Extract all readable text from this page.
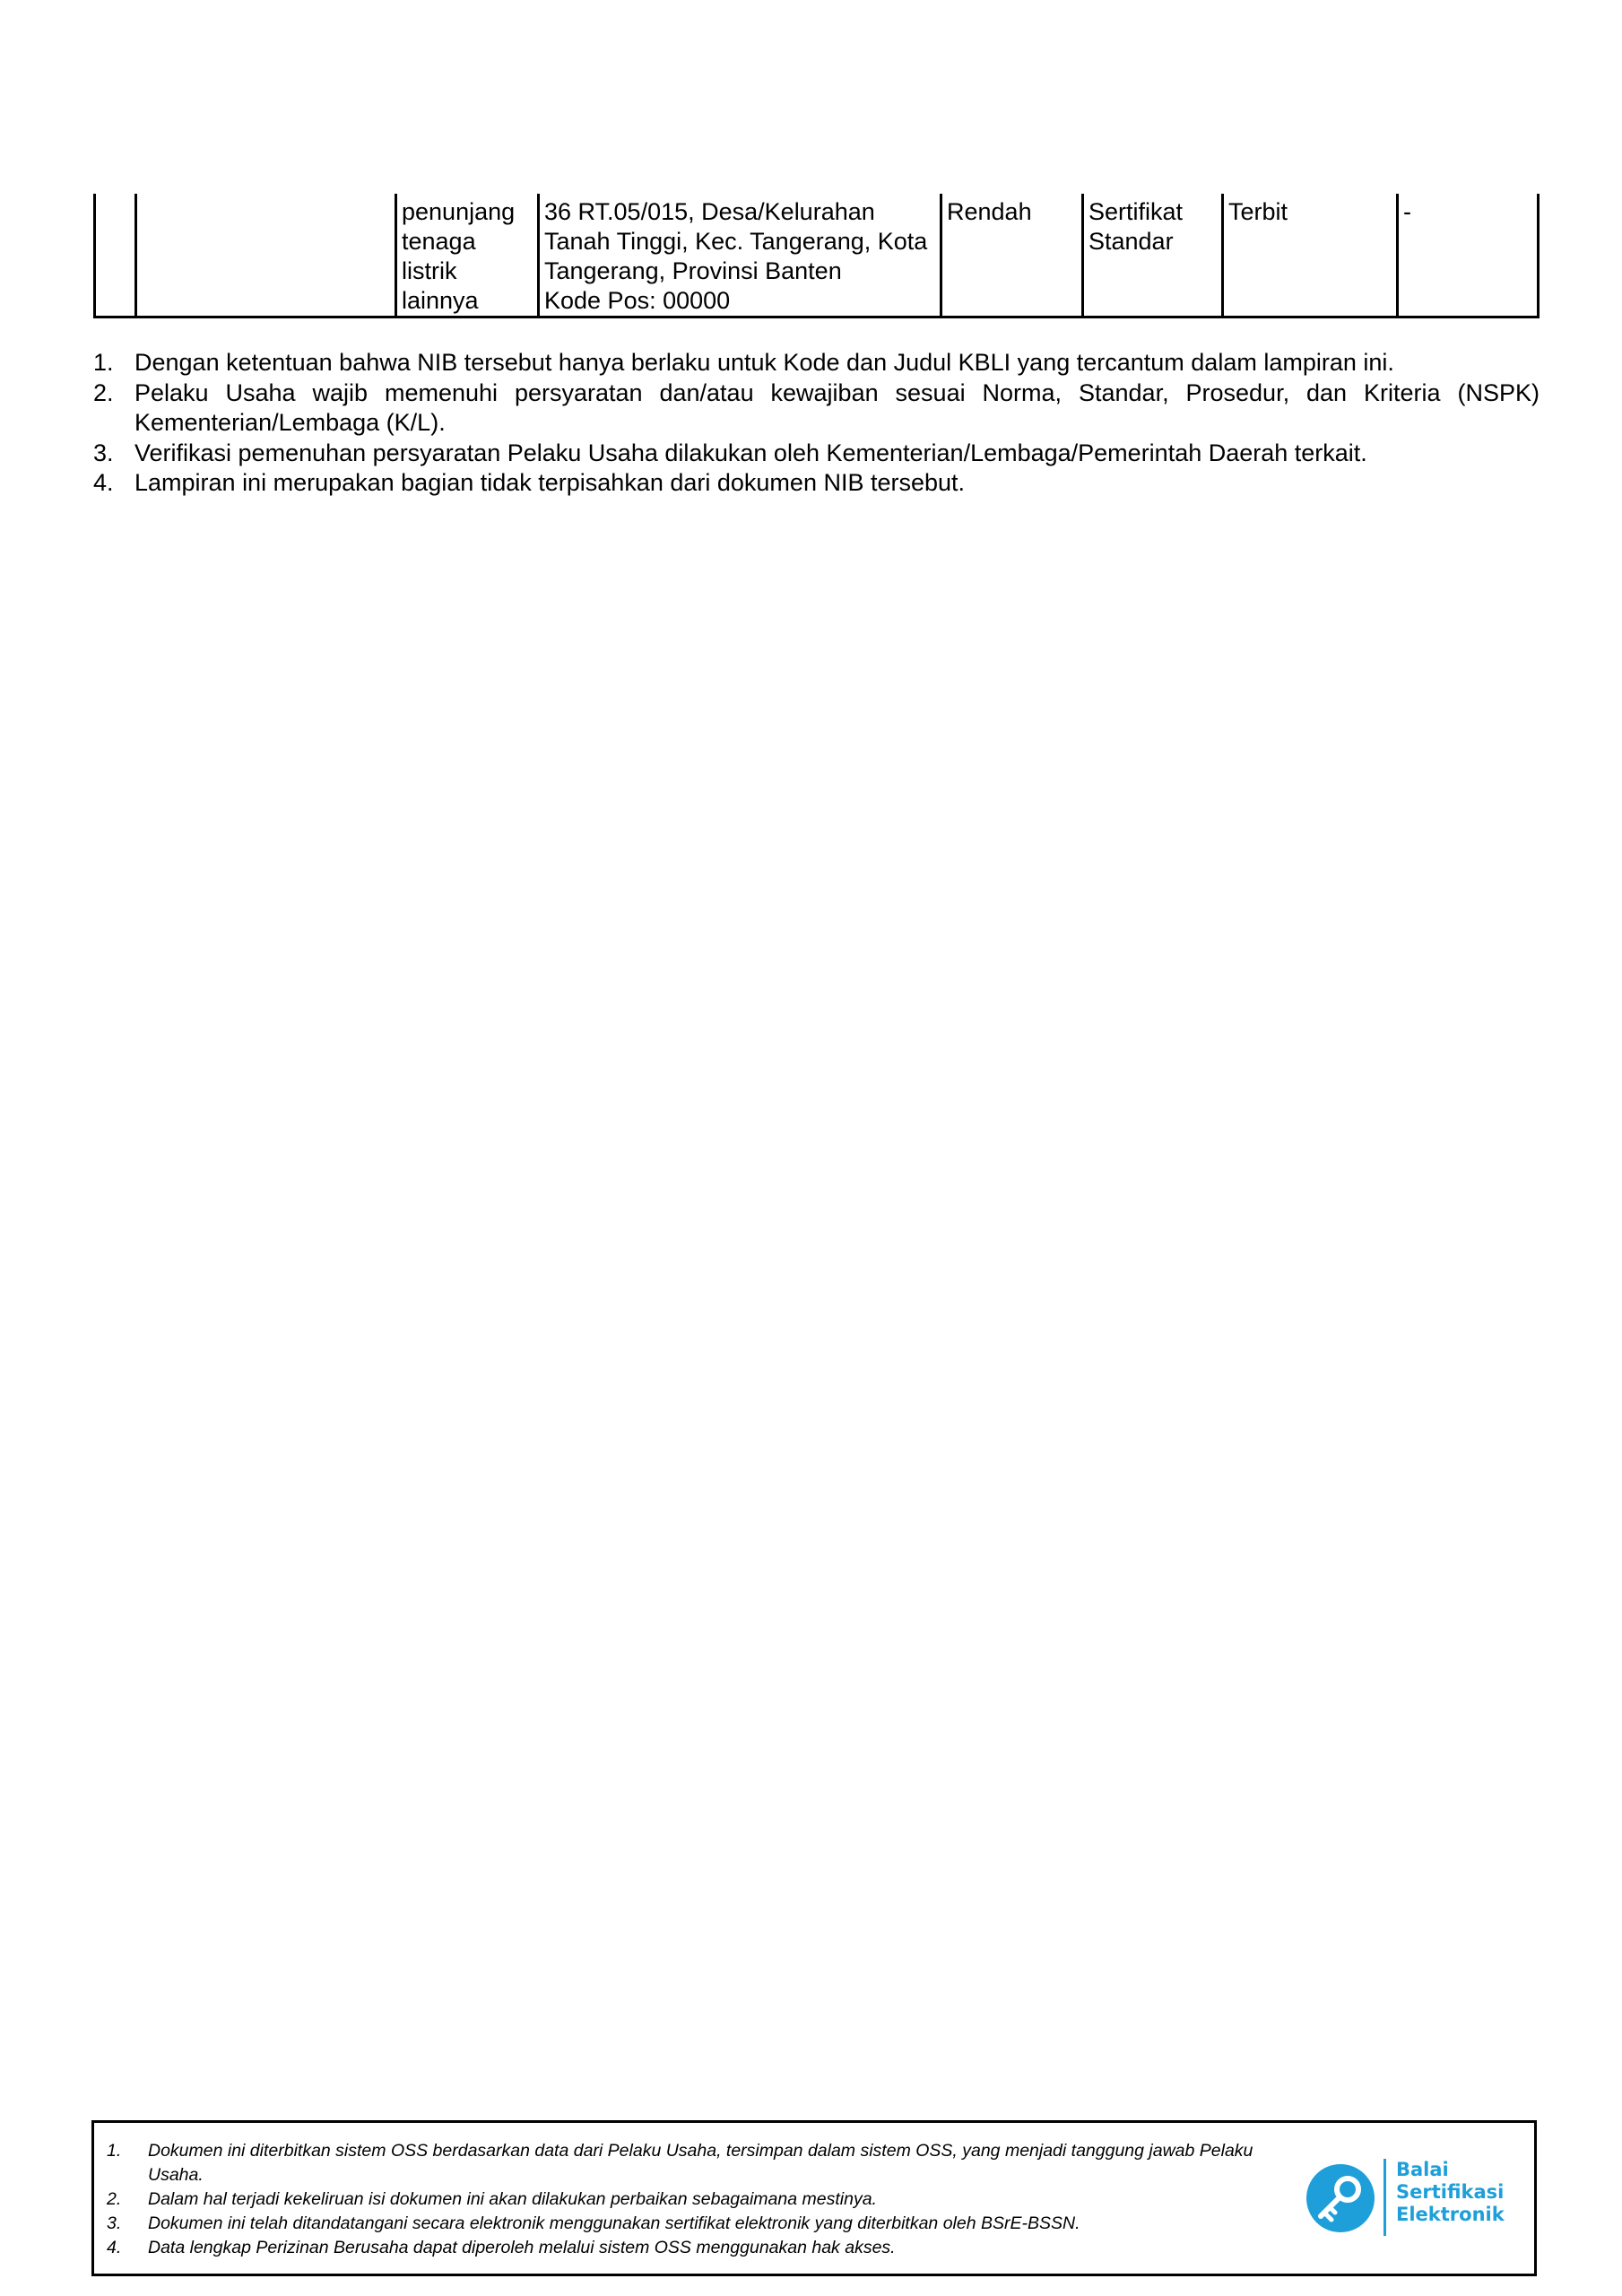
penunjang
tenaga listrik
lainnya
36 RT.05/015, Desa/Kelurahan
Tanah Tinggi, Kec. Tangerang, Kota
Tangerang, Provinsi Banten
Kode Pos: 00000
Rendah	Sertifikat
Standar
Terbit	-
1. Dengan ketentuan bahwa NIB tersebut hanya berlaku untuk Kode dan Judul KBLI yang tercantum dalam lampiran ini.
2. Pelaku Usaha wajib memenuhi persyaratan dan/atau kewajiban sesuai Norma, Standar, Prosedur, dan Kriteria (NSPK) Kementerian/Lembaga (K/L).
3. Verifikasi pemenuhan persyaratan Pelaku Usaha dilakukan oleh Kementerian/Lembaga/Pemerintah Daerah terkait.
4. Lampiran ini merupakan bagian tidak terpisahkan dari dokumen NIB tersebut.
1. Dokumen ini diterbitkan sistem OSS berdasarkan data dari Pelaku Usaha, tersimpan dalam sistem OSS, yang menjadi tanggung jawab Pelaku Usaha.
2. Dalam hal terjadi kekeliruan isi dokumen ini akan dilakukan perbaikan sebagaimana mestinya.
3. Dokumen ini telah ditandatangani secara elektronik menggunakan sertifikat elektronik yang diterbitkan oleh BSrE-BSSN.
4. Data lengkap Perizinan Berusaha dapat diperoleh melalui sistem OSS menggunakan hak akses.
Balai
Sertifikasi
Elektronik
